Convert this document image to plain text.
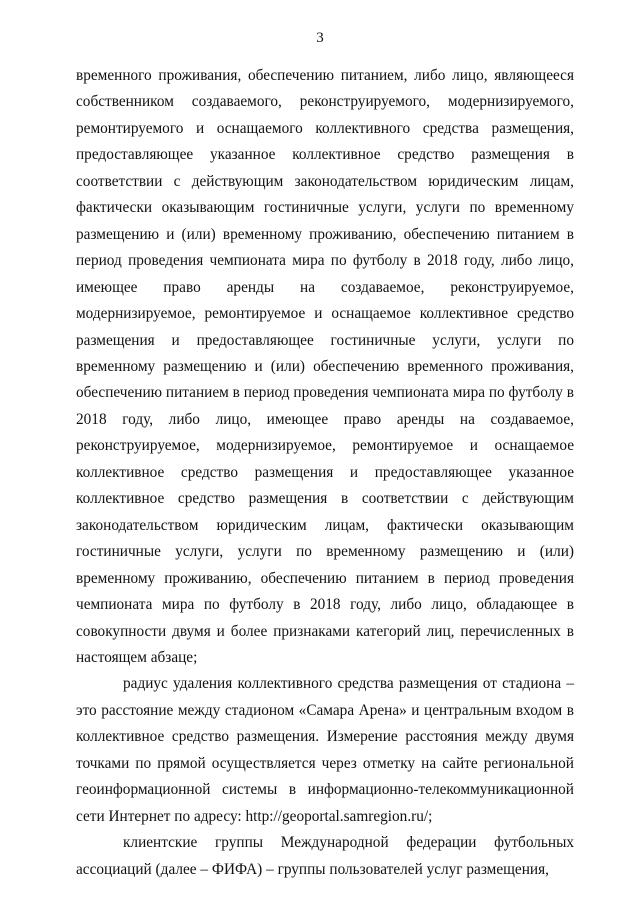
3

временного проживания, обеспечению питанием, либо лицо, являющееся собственником создаваемого, реконструируемого, модернизируемого, ремонтируемого и оснащаемого коллективного средства размещения, предоставляющее указанное коллективное средство размещения в соответствии с действующим законодательством юридическим лицам, фактически оказывающим гостиничные услуги, услуги по временному размещению и (или) временному проживанию, обеспечению питанием в период проведения чемпионата мира по футболу в 2018 году, либо лицо, имеющее право аренды на создаваемое, реконструируемое, модернизируемое, ремонтируемое и оснащаемое коллективное средство размещения и предоставляющее гостиничные услуги, услуги по временному размещению и (или) обеспечению временного проживания, обеспечению питанием в период проведения чемпионата мира по футболу в 2018 году, либо лицо, имеющее право аренды на создаваемое, реконструируемое, модернизируемое, ремонтируемое и оснащаемое коллективное средство размещения и предоставляющее указанное коллективное средство размещения в соответствии с действующим законодательством юридическим лицам, фактически оказывающим гостиничные услуги, услуги по временному размещению и (или) временному проживанию, обеспечению питанием в период проведения чемпионата мира по футболу в 2018 году, либо лицо, обладающее в совокупности двумя и более признаками категорий лиц, перечисленных в настоящем абзаце;

радиус удаления коллективного средства размещения от стадиона – это расстояние между стадионом «Самара Арена» и центральным входом в коллективное средство размещения. Измерение расстояния между двумя точками по прямой осуществляется через отметку на сайте региональной геоинформационной системы в информационно-телекоммуникационной сети Интернет по адресу: http://geoportal.samregion.ru/;

клиентские группы Международной федерации футбольных ассоциаций (далее – ФИФА) – группы пользователей услуг размещения,
